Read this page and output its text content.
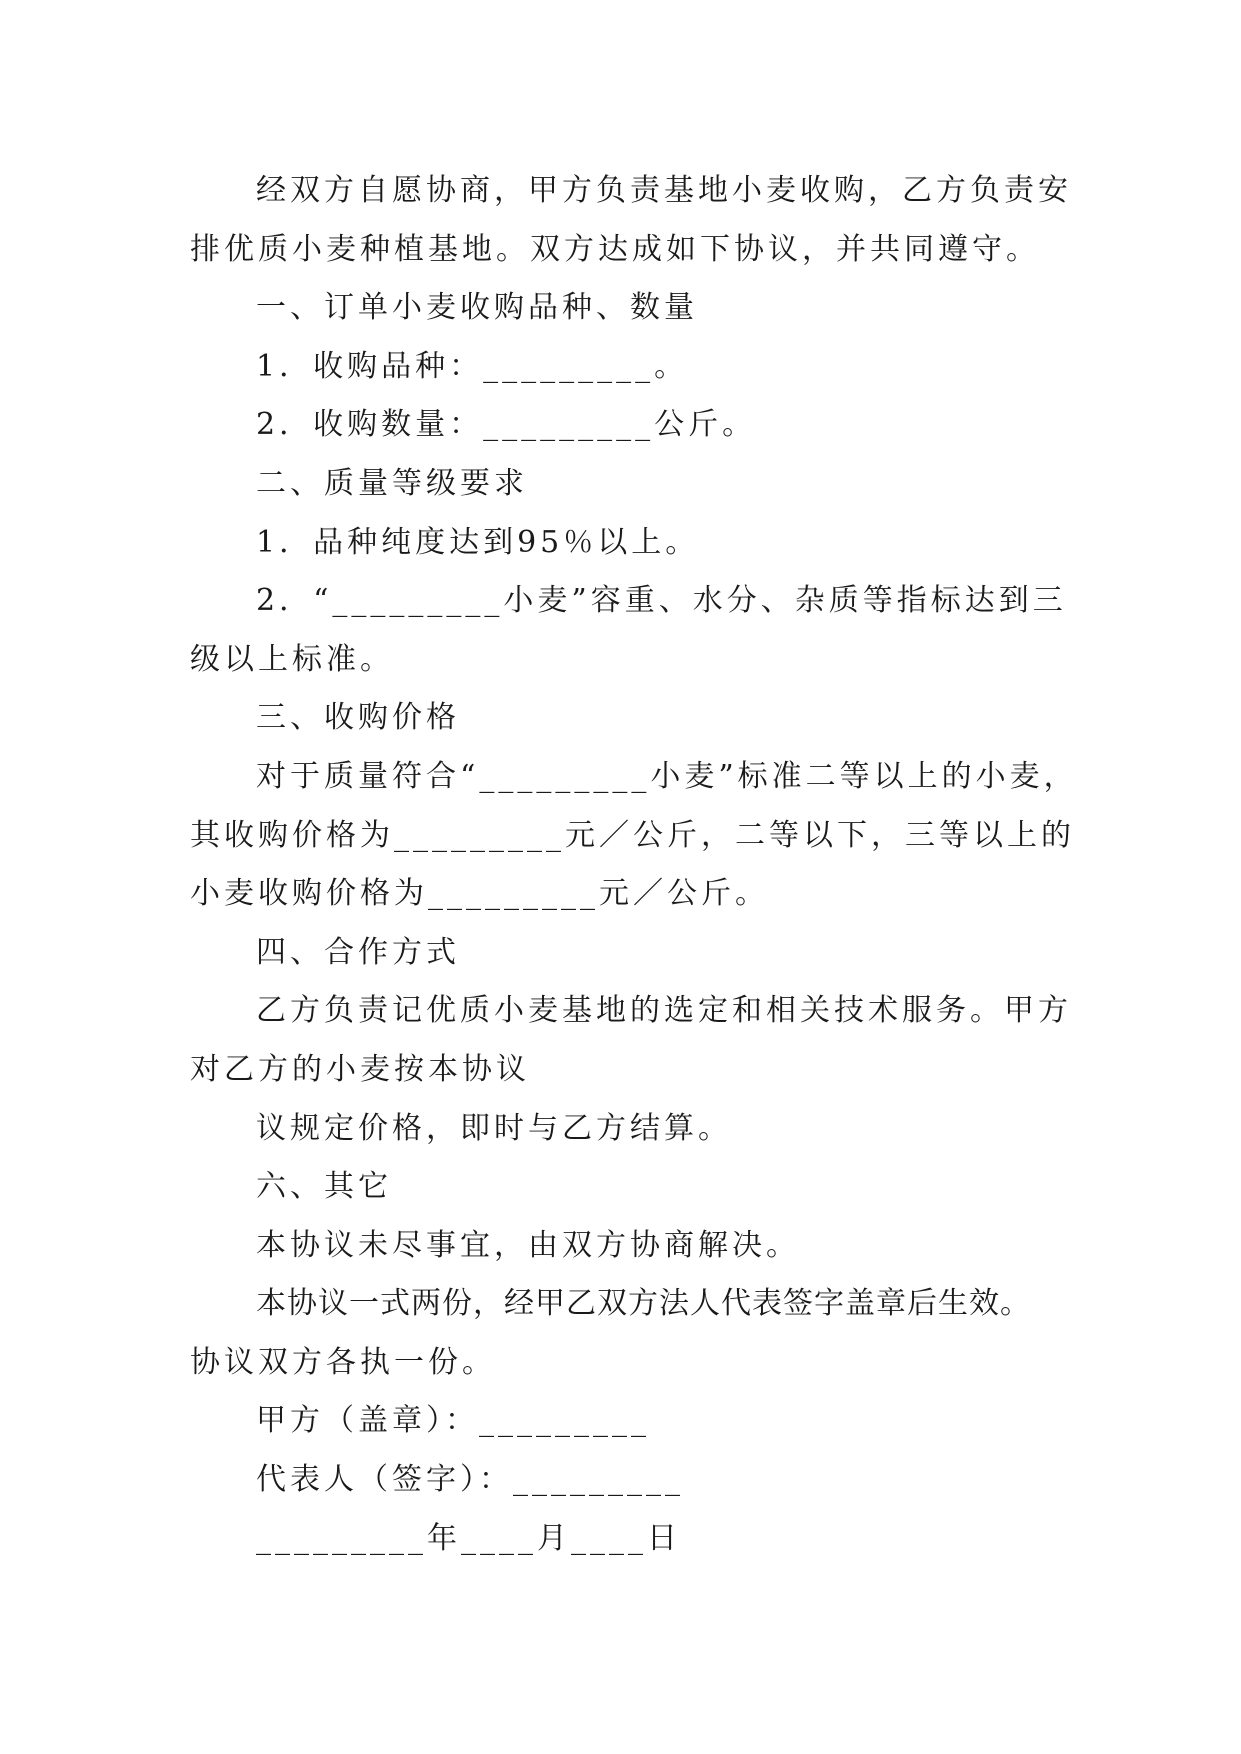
经双方自愿协商，甲方负责基地小麦收购，乙方负责安
排优质小麦种植基地。双方达成如下协议，并共同遵守。
一、订单小麦收购品种、数量
1．收购品种：_________。
2．收购数量：_________公斤。
二、质量等级要求
1．品种纯度达到95％以上。
2．“_________小麦”容重、水分、杂质等指标达到三
级以上标准。
三、收购价格
对于质量符合“_________小麦”标准二等以上的小麦，
其收购价格为_________元／公斤，二等以下，三等以上的
小麦收购价格为_________元／公斤。
四、合作方式
乙方负责记优质小麦基地的选定和相关技术服务。甲方
对乙方的小麦按本协议
议规定价格，即时与乙方结算。
六、其它
本协议未尽事宜，由双方协商解决。
本协议一式两份，经甲乙双方法人代表签字盖章后生效。
协议双方各执一份。
甲方（盖章）：_________
代表人（签字）：_________
_________年____月____日
